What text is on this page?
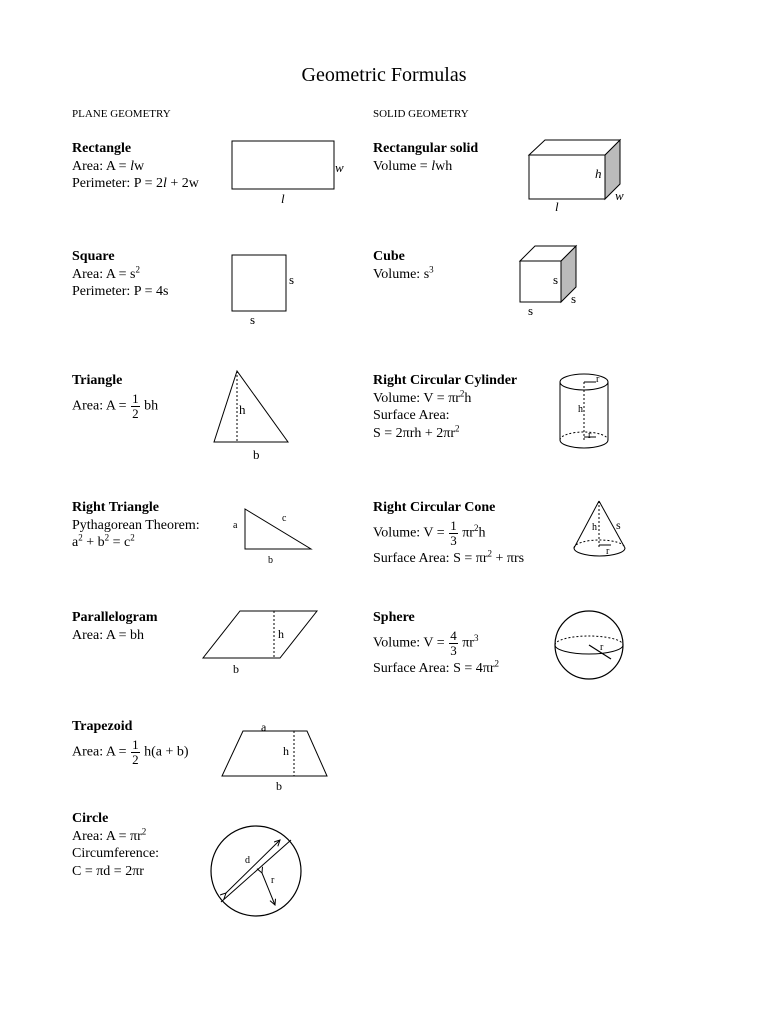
Geometric Formulas
PLANE GEOMETRY	SOLID GEOMETRY
Rectangle
Area: A = lw
Perimeter: P = 2l + 2w
w
l
Square
Area: $A = s^2$
Perimeter: P = 4s
s
s
Triangle
Area: $A = \frac{1}{2}$ bh	h
b
Right Triangle
Pythagorean Theorem:
$a^2 + b^2 = c^2$
a
c
b
Parallelogram
Area: A = bh	h
b
Trapezoid
Area: $A = \frac{1}{2} h(a + b)$
a
h
b
Circle
Area: $A = \pi r^2$
Circumference:
C = πd = 2πr
d
r
Rectangular solid
Volume = lwh	h
w
l
Cube
Volume: $s^3$
s
s
s
Right Circular Cylinder
Volume: $V = \pi r^2h$
Surface Area:
$S = 2\pi rh + 2\pi r^2$
r
h
r
Right Circular Cone
Volume: $V = \frac{1}{3} \pi r^2h$
Surface Area: $S = \pi r^2 + \pi rs$
h s
r
Sphere
Volume: $V = \frac{4}{3} \pi r^3$
Surface Area: $S = 4\pi r^2$
r
